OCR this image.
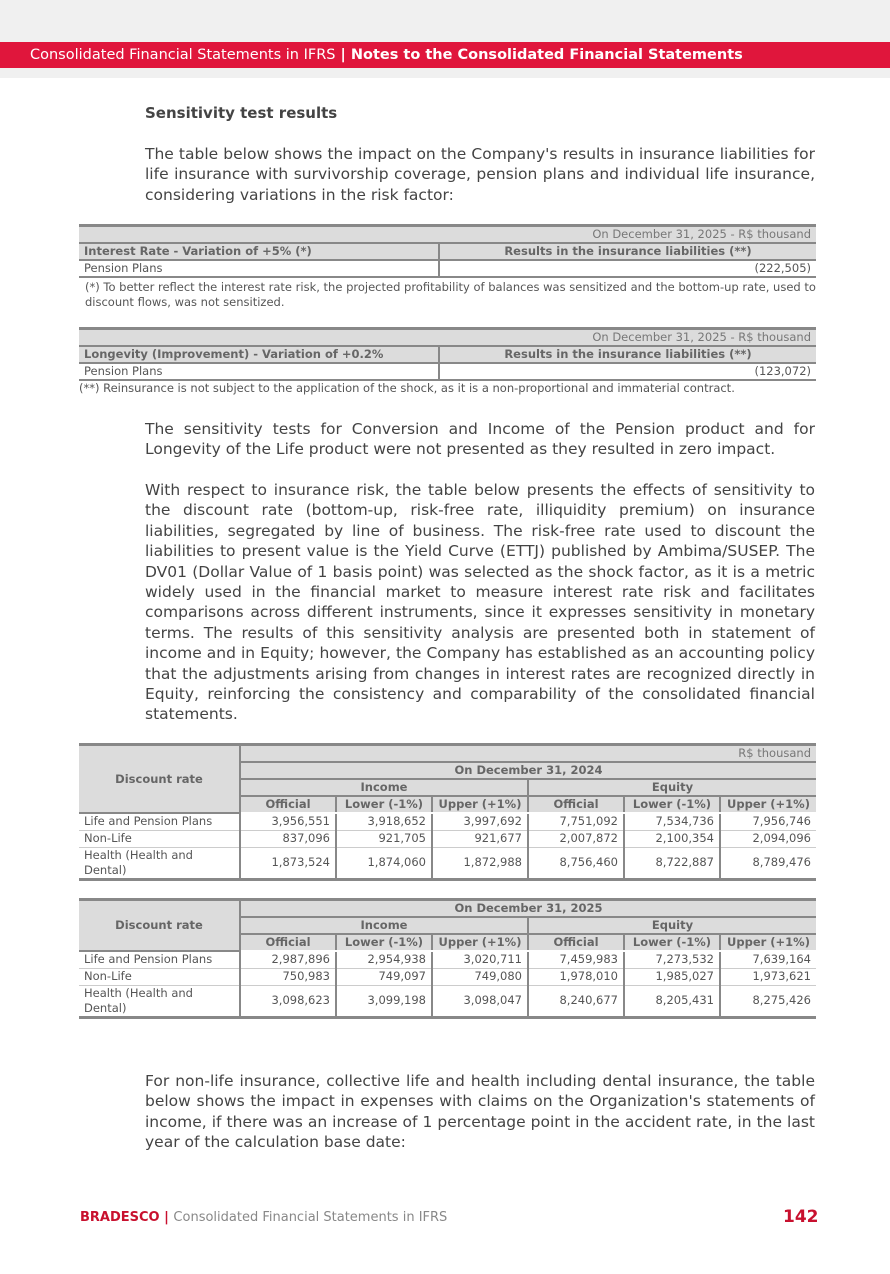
Consolidated Financial Statements in IFRS | Notes to the Consolidated Financial Statements
Sensitivity test results
The table below shows the impact on the Company's results in insurance liabilities for life insurance with survivorship coverage, pension plans and individual life insurance, considering variations in the risk factor:
On December 31, 2025 - R$ thousand	
Interest Rate - Variation of +5% (*)	Results in the insurance liabilities (**)
Pension Plans	(222,505)
(*) To better reflect the interest rate risk, the projected profitability of balances was sensitized and the bottom-up rate, used to discount flows, was not sensitized.
On December 31, 2025 - R$ thousand	
Longevity (Improvement) - Variation of +0.2%	Results in the insurance liabilities (**)
Pension Plans	(123,072)
(**) Reinsurance is not subject to the application of the shock, as it is a non-proportional and immaterial contract.
The sensitivity tests for Conversion and Income of the Pension product and for Longevity of the Life product were not presented as they resulted in zero impact.
With respect to insurance risk, the table below presents the effects of sensitivity to the discount rate (bottom-up, risk-free rate, illiquidity premium) on insurance liabilities, segregated by line of business. The risk-free rate used to discount the liabilities to present value is the Yield Curve (ETTJ) published by Ambima/SUSEP. The DV01 (Dollar Value of 1 basis point) was selected as the shock factor, as it is a metric widely used in the financial market to measure interest rate risk and facilitates comparisons across different instruments, since it expresses sensitivity in monetary terms. The results of this sensitivity analysis are presented both in statement of income and in Equity; however, the Company has established as an accounting policy that the adjustments arising from changes in interest rates are recognized directly in Equity, reinforcing the consistency and comparability of the consolidated financial statements.
Discount rate	R$ thousand					
	On December 31, 2024					
	Income			Equity		
	Official	Lower (-1%)	Upper (+1%)	Official	Lower (-1%)	Upper (+1%)
Life and Pension Plans	3,956,551	3,918,652	3,997,692	7,751,092	7,534,736	7,956,746
Non-Life	837,096	921,705	921,677	2,007,872	2,100,354	2,094,096
Health (Health and Dental)	1,873,524	1,874,060	1,872,988	8,756,460	8,722,887	8,789,476
Discount rate	On December 31, 2025					
	Income			Equity		
	Official	Lower (-1%)	Upper (+1%)	Official	Lower (-1%)	Upper (+1%)
Life and Pension Plans	2,987,896	2,954,938	3,020,711	7,459,983	7,273,532	7,639,164
Non-Life	750,983	749,097	749,080	1,978,010	1,985,027	1,973,621
Health (Health and Dental)	3,098,623	3,099,198	3,098,047	8,240,677	8,205,431	8,275,426
For non-life insurance, collective life and health including dental insurance, the table below shows the impact in expenses with claims on the Organization's statements of income, if there was an increase of 1 percentage point in the accident rate, in the last year of the calculation base date:
BRADESCO | Consolidated Financial Statements in IFRS	142
